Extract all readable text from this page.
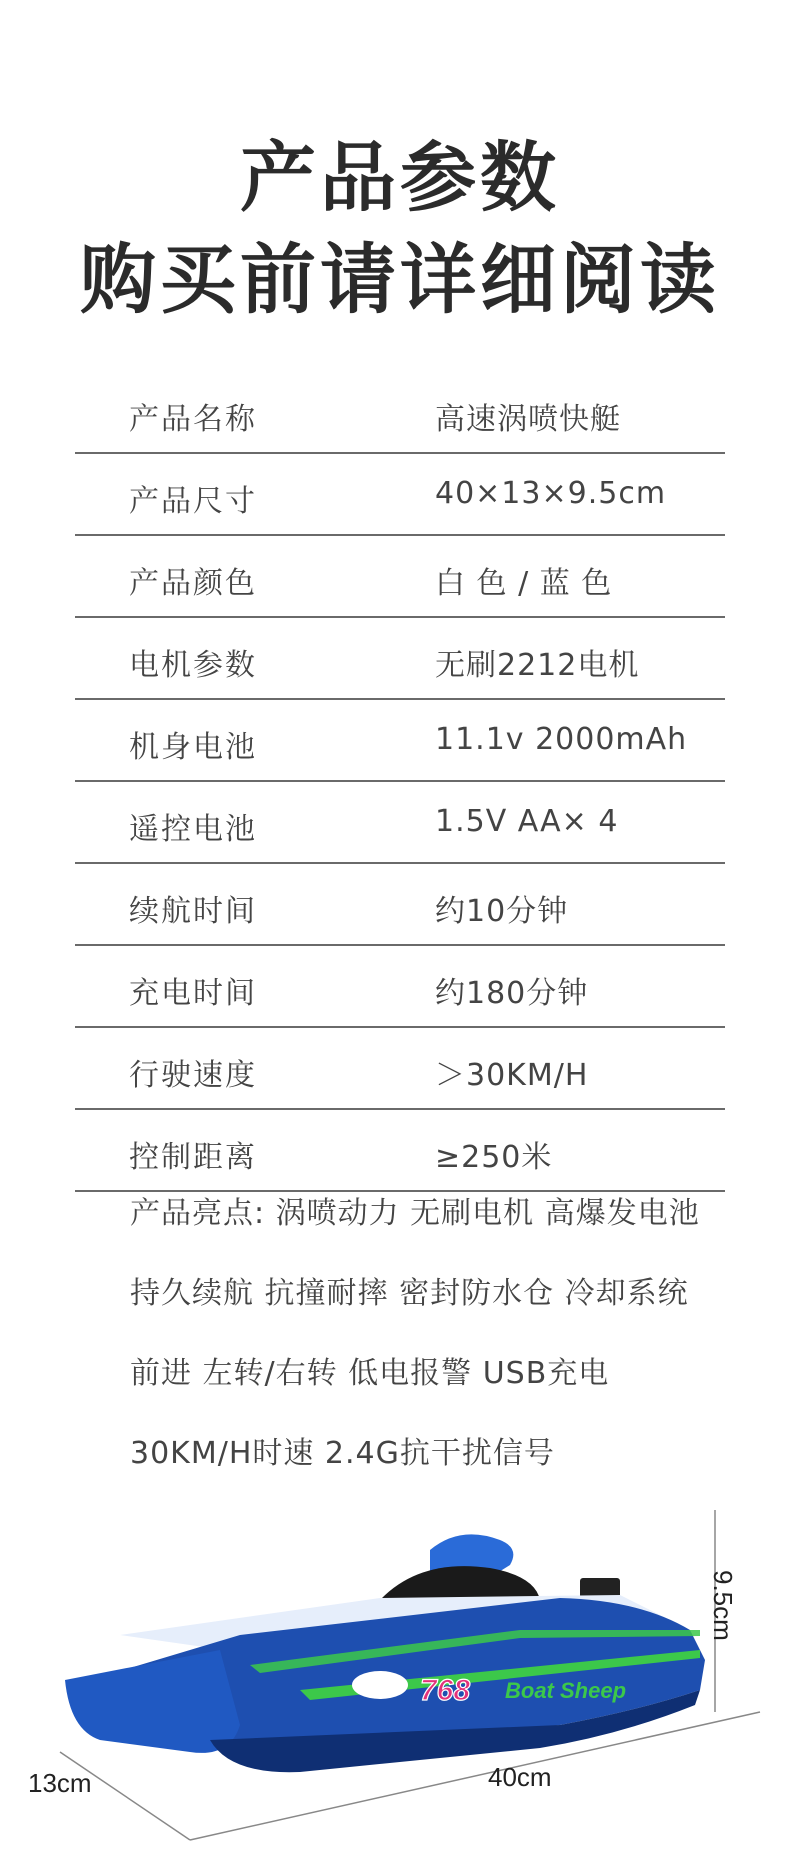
产品参数
购买前请详细阅读
产品名称	高速涡喷快艇
产品尺寸	40×13×9.5cm
产品颜色	白 色 / 蓝 色
电机参数	无刷2212电机
机身电池	11.1v 2000mAh
遥控电池	1.5V AA× 4
续航时间	约10分钟
充电时间	约180分钟
行驶速度	＞30KM/H
控制距离	≥250米
产品亮点: 涡喷动力 无刷电机 高爆发电池
持久续航 抗撞耐摔 密封防水仓 冷却系统
前进 左转/右转 低电报警 USB充电
30KM/H时速 2.4G抗干扰信号
768 Boat Sheep
9.5cm
40cm
13cm
